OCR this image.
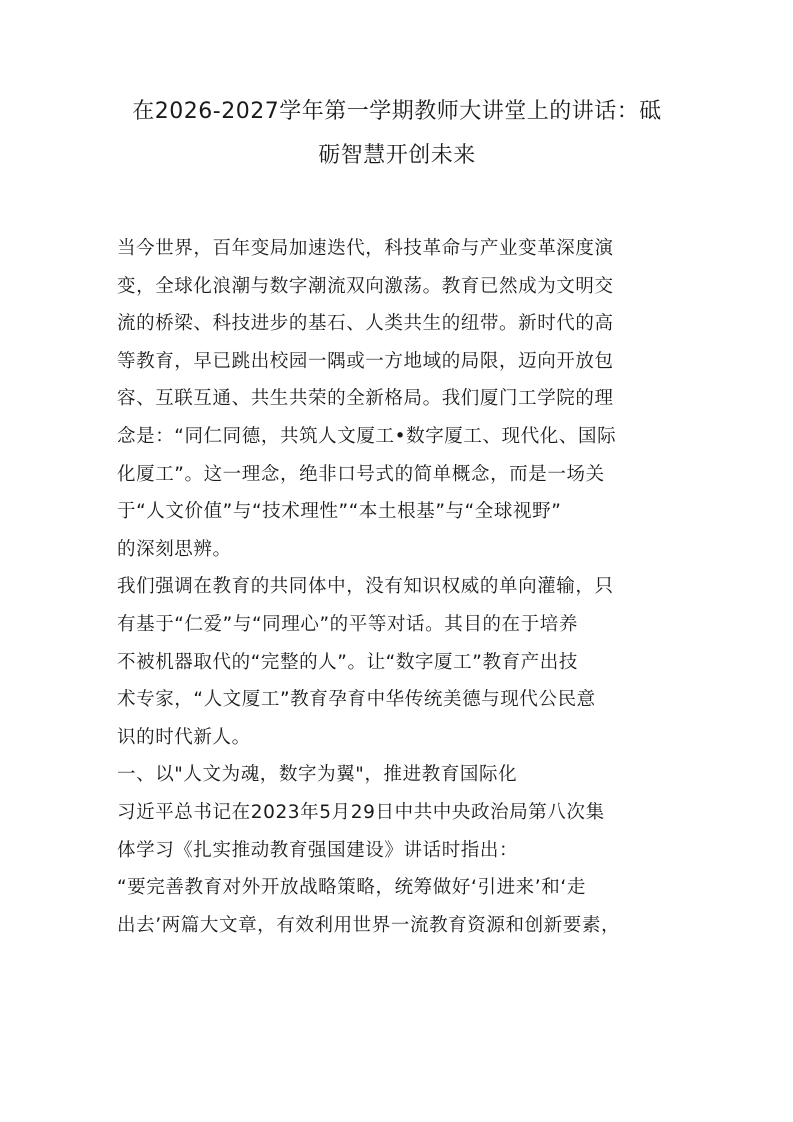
在2026-2027学年第一学期教师大讲堂上的讲话：砥
砺智慧开创未来
当今世界，百年变局加速迭代，科技革命与产业变革深度演
变，全球化浪潮与数字潮流双向激荡。教育已然成为文明交
流的桥梁、科技进步的基石、人类共生的纽带。新时代的高
等教育，早已跳出校园一隅或一方地域的局限，迈向开放包
容、互联互通、共生共荣的全新格局。我们厦门工学院的理
念是：“同仁同德，共筑人文厦工•数字厦工、现代化、国际
化厦工”。这一理念，绝非口号式的简单概念，而是一场关
于“人文价值”与“技术理性”“本土根基”与“全球视野”
的深刻思辨。
我们强调在教育的共同体中，没有知识权威的单向灌输，只
有基于“仁爱”与“同理心”的平等对话。其目的在于培养
不被机器取代的“完整的人”。让“数字厦工”教育产出技
术专家，“人文厦工”教育孕育中华传统美德与现代公民意
识的时代新人。
一、以"人文为魂，数字为翼"，推进教育国际化
习近平总书记在2023年5月29日中共中央政治局第八次集
体学习《扎实推动教育强国建设》讲话时指出：
“要完善教育对外开放战略策略，统筹做好‘引进来’和‘走
出去’两篇大文章，有效利用世界一流教育资源和创新要素，
